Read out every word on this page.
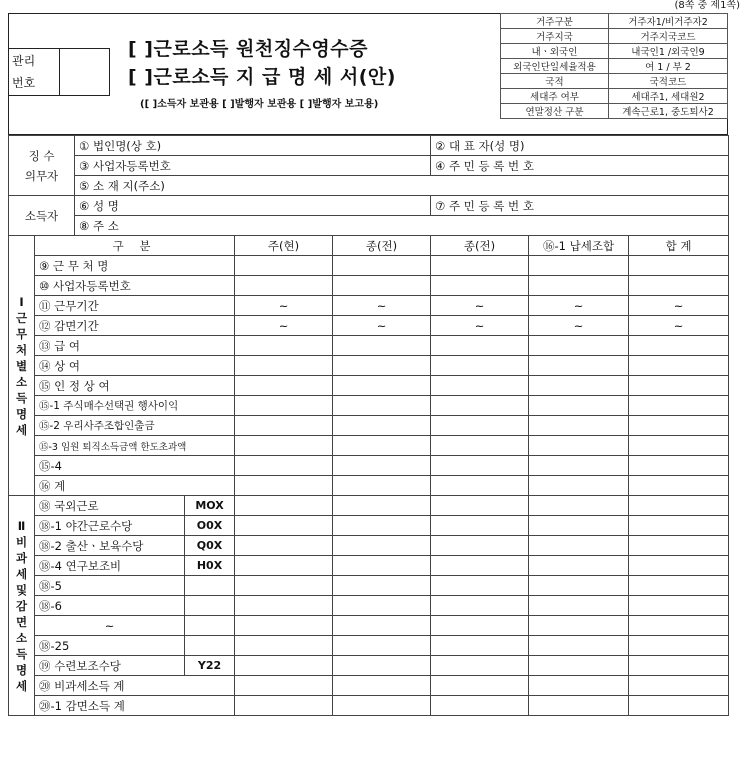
(8쪽 중 제1쪽)
관리
번호
[ ]근로소득 원천징수영수증
[ ]근로소득 지 급 명 세 서(안)
([ ]소득자 보관용 [ ]발행자 보관용 [ ]발행자 보고용)
거주구분	거주자1/비거주자2
거주지국	거주지국코드
내ㆍ외국인	내국인1 /외국인9
외국인단일세율적용	여 1 / 부 2
국적	국적코드
세대주 여부	세대주1, 세대원2
연말정산 구분	계속근로1, 중도퇴사2
징 수
의무자		① 법인명(상 호)				② 대 표 자(성 명)		
		③ 사업자등록번호				④ 주 민 등 록 번 호		
		⑤ 소 재 지(주소)						
소득자		⑥ 성 명				⑦ 주 민 등 록 번 호		
		⑧ 주 소						
Ⅰ 근 무 처 별 소 득 명 세	구 분			주(현)	종(전)	종(전)	⑯-1 납세조합	합 계
	⑨ 근 무 처 명							
	⑩ 사업자등록번호							
	⑪ 근무기간			~	~	~	~	~
	⑫ 감면기간			~	~	~	~	~
	⑬ 급 여							
	⑭ 상 여							
	⑮ 인 정 상 여							
	⑮-1 주식매수선택권 행사이익							
	⑮-2 우리사주조합인출금							
	⑮-3 임원 퇴직소득금액 한도초과액							
	⑮-4							
	⑯ 계							
Ⅱ 비 과 세 및 감 면 소 득 명 세	⑱ 국외근로		MOX					
	⑱-1 야간근로수당		O0X					
	⑱-2 출산ㆍ보육수당		Q0X					
	⑱-4 연구보조비		H0X					
	⑱-5							
	⑱-6							
	~							
	⑱-25							
	⑲ 수련보조수당		Y22					
	⑳ 비과세소득 계							
	⑳-1 감면소득 계							
